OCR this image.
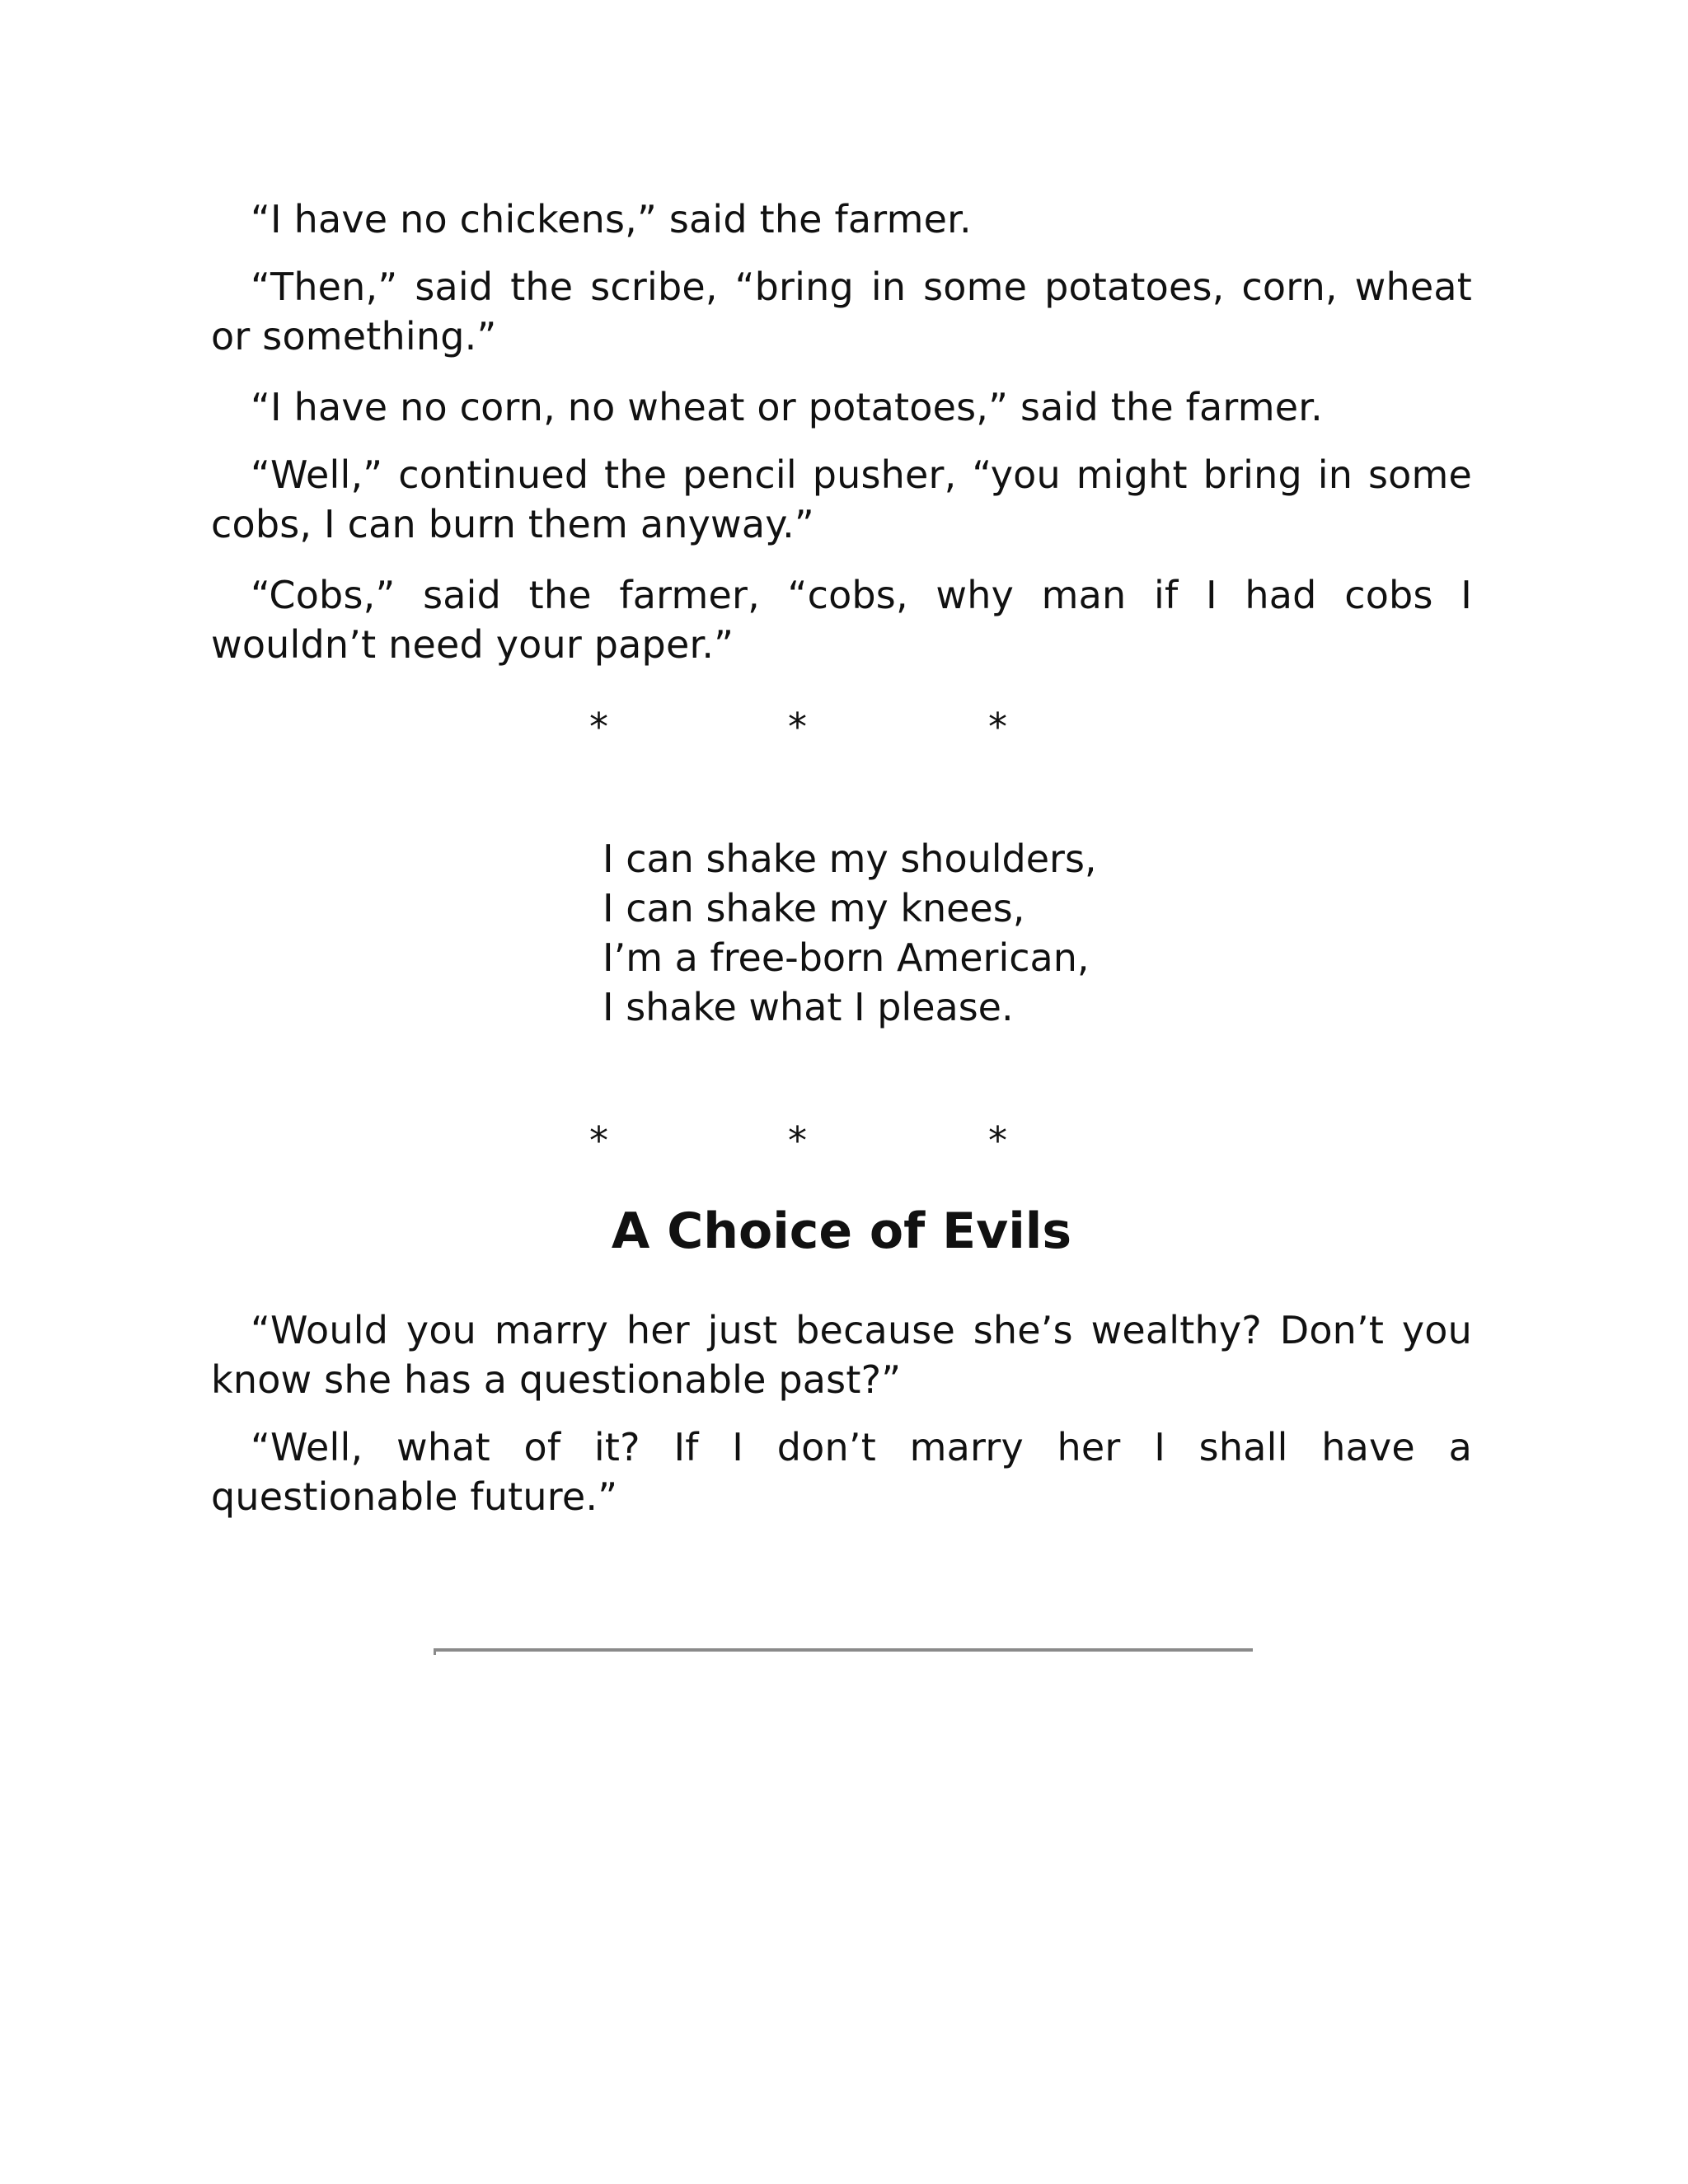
“I have no chickens,” said the farmer.

“Then,” said the scribe, “bring in some potatoes, corn, wheat or something.”

“I have no corn, no wheat or potatoes,” said the farmer.

“Well,” continued the pencil pusher, “you might bring in some cobs, I can burn them anyway.”

“Cobs,” said the farmer, “cobs, why man if I had cobs I wouldn’t need your paper.”

*	*	*
I can shake my shoulders,
I can shake my knees,
I’m a free-born American,
I shake what I please.
*	*	*
A Choice of Evils

“Would you marry her just because she’s wealthy? Don’t you know she has a questionable past?”

“Well, what of it? If I don’t marry her I shall have a questionable future.”
